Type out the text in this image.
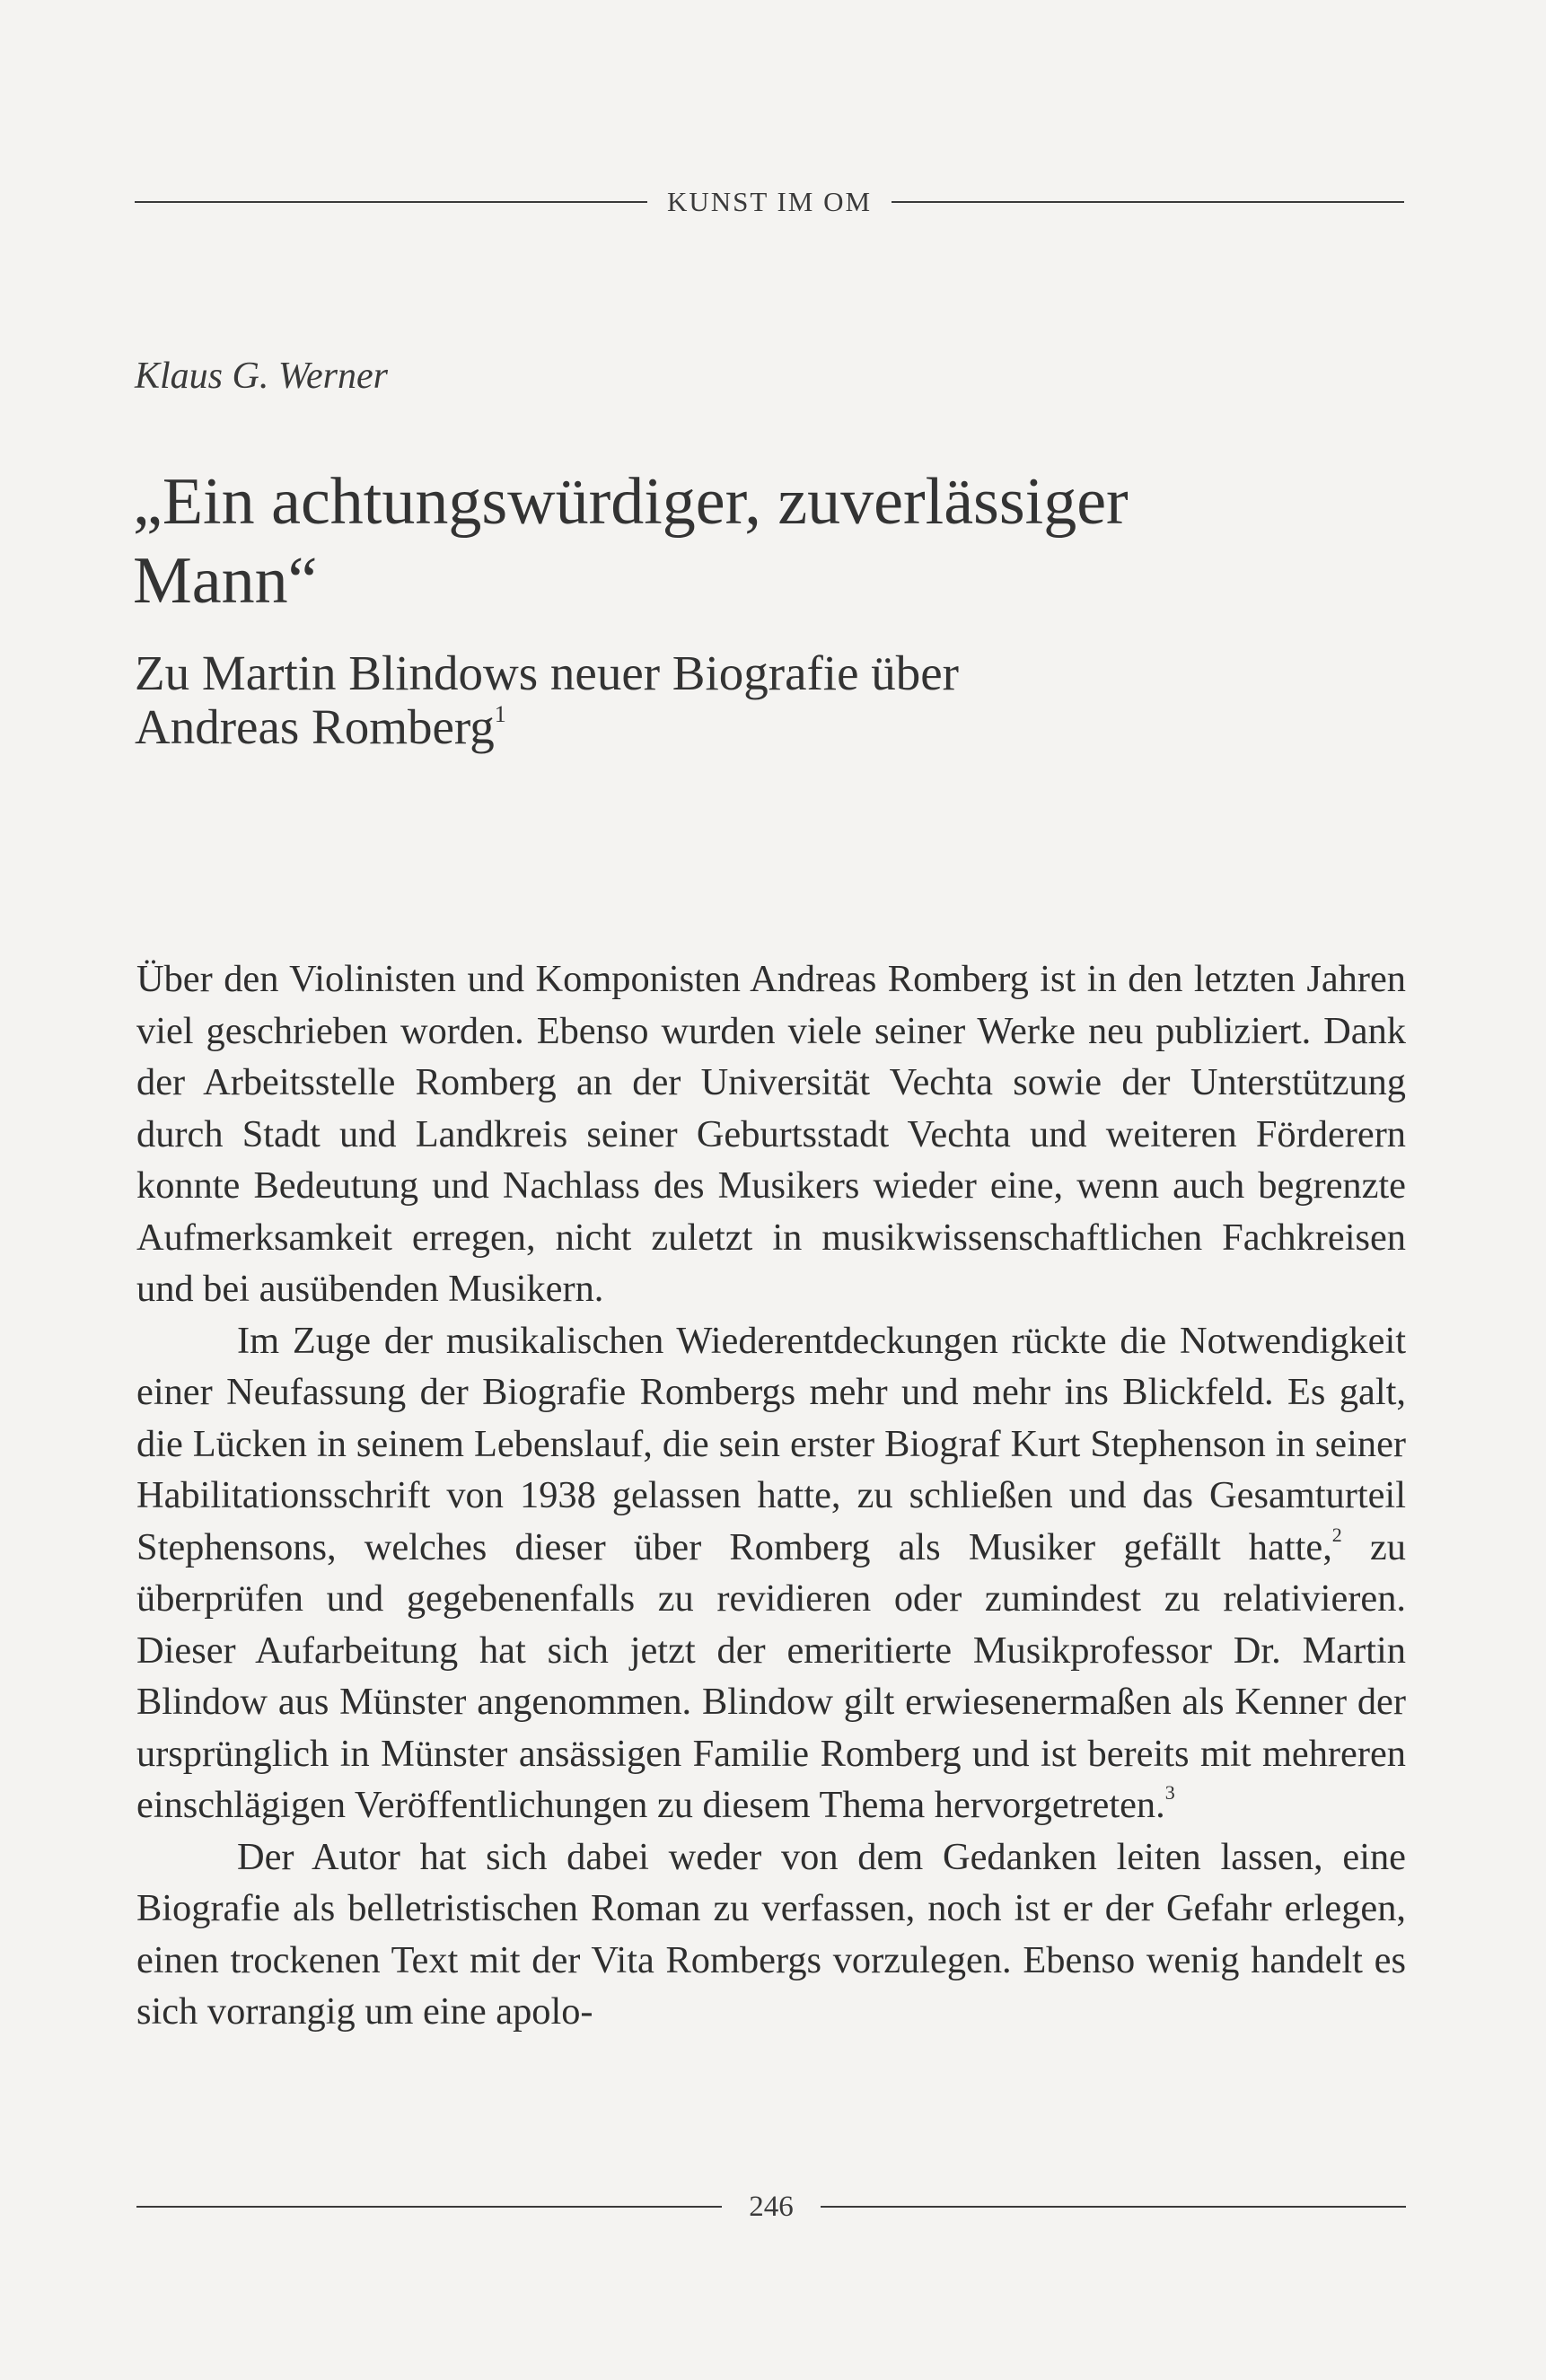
KUNST IM OM
Klaus G. Werner
„Ein achtungswürdiger, zuverlässiger
Mann“
Zu Martin Blindows neuer Biografie über
Andreas Romberg$^1$

Über den Violinisten und Komponisten Andreas Romberg ist in den letzten Jahren viel geschrieben worden. Ebenso wurden viele seiner Werke neu publiziert. Dank der Arbeitsstelle Romberg an der Universität Vechta sowie der Unterstützung durch Stadt und Landkreis seiner Geburtsstadt Vechta und weiteren Förderern konnte Bedeutung und Nachlass des Musikers wieder eine, wenn auch begrenzte Aufmerksamkeit erregen, nicht zuletzt in musikwissenschaftlichen Fachkreisen und bei ausübenden Musikern.

Im Zuge der musikalischen Wiederentdeckungen rückte die Notwendigkeit einer Neufassung der Biografie Rombergs mehr und mehr ins Blickfeld. Es galt, die Lücken in seinem Lebenslauf, die sein erster Biograf Kurt Stephenson in seiner Habilitationsschrift von 1938 gelassen hatte, zu schließen und das Gesamturteil Stephensons, welches dieser über Romberg als Musiker gefällt hatte,$^2$ zu überprüfen und gegebenenfalls zu revidieren oder zumindest zu relativieren. Dieser Aufarbeitung hat sich jetzt der emeritierte Musikprofessor Dr. Martin Blindow aus Münster angenommen. Blindow gilt erwiesenermaßen als Kenner der ursprünglich in Münster ansässigen Familie Romberg und ist bereits mit mehreren einschlägigen Veröffentlichungen zu diesem Thema hervorgetreten.$^3$

Der Autor hat sich dabei weder von dem Gedanken leiten lassen, eine Biografie als belletristischen Roman zu verfassen, noch ist er der Gefahr erlegen, einen trockenen Text mit der Vita Rombergs vorzulegen. Ebenso wenig handelt es sich vorrangig um eine apolo-

246
